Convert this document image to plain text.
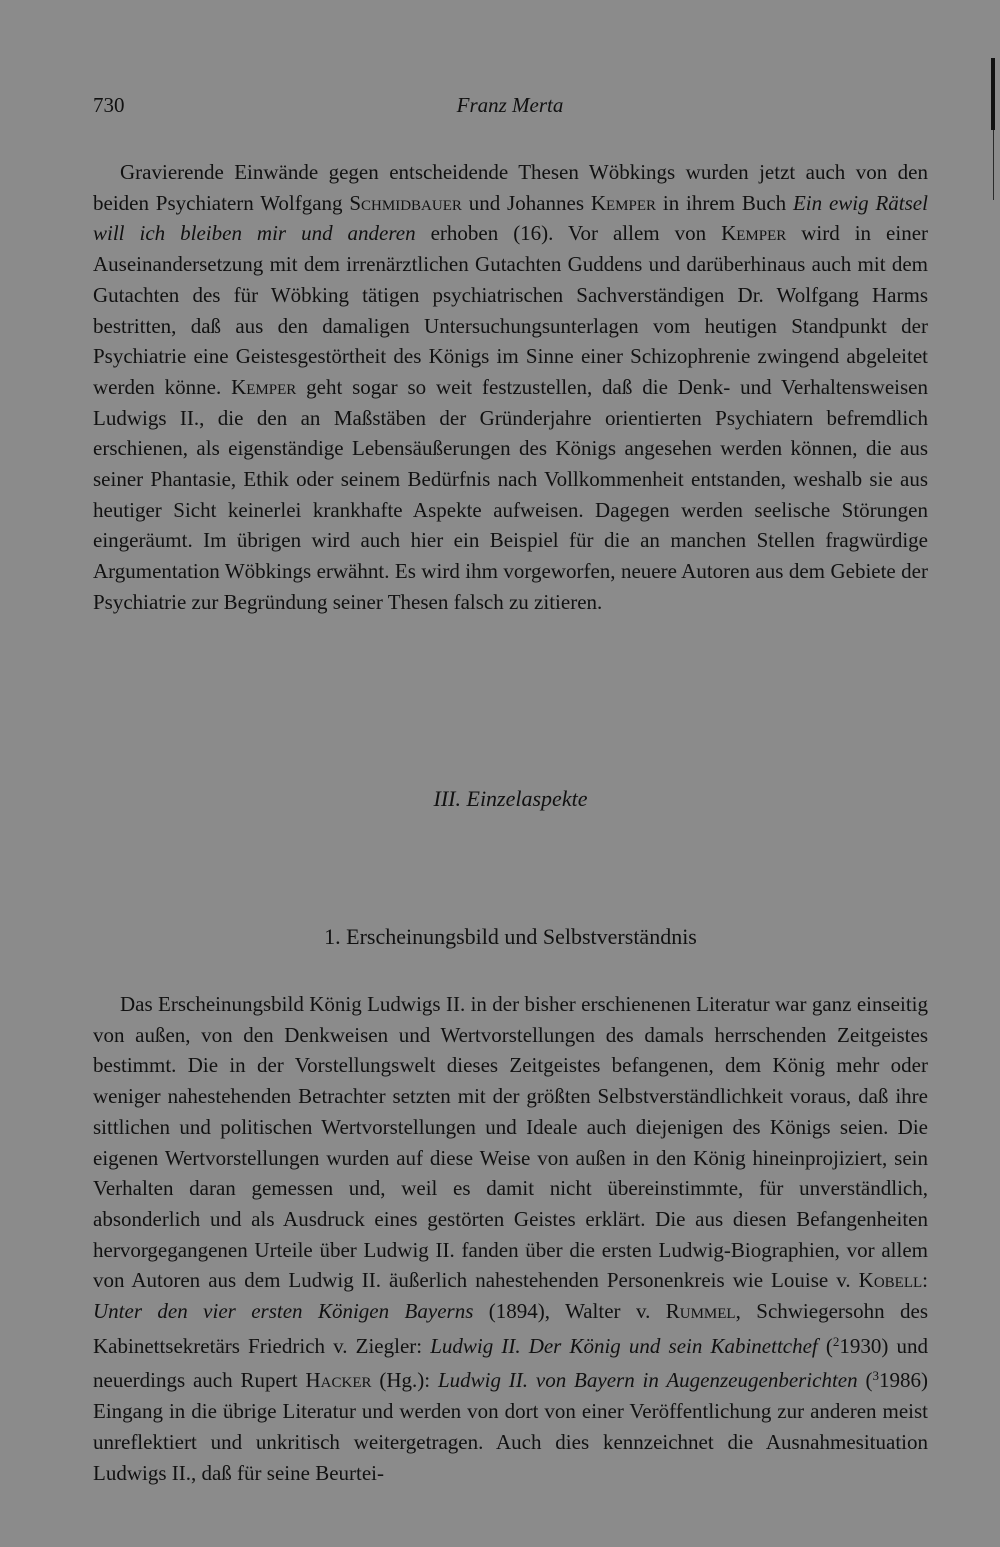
730	Franz Merta

Gravierende Einwände gegen entscheidende Thesen Wöbkings wurden jetzt auch von den beiden Psychiatern Wolfgang Schmidbauer und Johannes Kemper in ihrem Buch Ein ewig Rätsel will ich bleiben mir und anderen erhoben (16). Vor allem von Kemper wird in einer Auseinandersetzung mit dem irrenärztlichen Gutachten Guddens und darüberhinaus auch mit dem Gutachten des für Wöbking tätigen psychiatrischen Sachverständigen Dr. Wolfgang Harms bestritten, daß aus den damaligen Untersuchungsunterlagen vom heutigen Standpunkt der Psychiatrie eine Geistesgestörtheit des Königs im Sinne einer Schizophrenie zwingend abgeleitet werden könne. Kemper geht sogar so weit festzustellen, daß die Denk- und Verhaltensweisen Ludwigs II., die den an Maßstäben der Gründerjahre orientierten Psychiatern befremdlich erschienen, als eigenständige Lebensäußerungen des Königs angesehen werden können, die aus seiner Phantasie, Ethik oder seinem Bedürfnis nach Vollkommenheit entstanden, weshalb sie aus heutiger Sicht keinerlei krankhafte Aspekte aufweisen. Dagegen werden seelische Störungen eingeräumt. Im übrigen wird auch hier ein Beispiel für die an manchen Stellen fragwürdige Argumentation Wöbkings erwähnt. Es wird ihm vorgeworfen, neuere Autoren aus dem Gebiete der Psychiatrie zur Begründung seiner Thesen falsch zu zitieren.

III. Einzelaspekte
1. Erscheinungsbild und Selbstverständnis

Das Erscheinungsbild König Ludwigs II. in der bisher erschienenen Literatur war ganz einseitig von außen, von den Denkweisen und Wertvorstellungen des damals herrschenden Zeitgeistes bestimmt. Die in der Vorstellungswelt dieses Zeitgeistes befangenen, dem König mehr oder weniger nahestehenden Betrachter setzten mit der größten Selbstverständlichkeit voraus, daß ihre sittlichen und politischen Wertvorstellungen und Ideale auch diejenigen des Königs seien. Die eigenen Wertvorstellungen wurden auf diese Weise von außen in den König hineinprojiziert, sein Verhalten daran gemessen und, weil es damit nicht übereinstimmte, für unverständlich, absonderlich und als Ausdruck eines gestörten Geistes erklärt. Die aus diesen Befangenheiten hervorgegangenen Urteile über Ludwig II. fanden über die ersten Ludwig-Biographien, vor allem von Autoren aus dem Ludwig II. äußerlich nahestehenden Personenkreis wie Louise v. Kobell: Unter den vier ersten Königen Bayerns (1894), Walter v. Rummel, Schwiegersohn des Kabinettsekretärs Friedrich v. Ziegler: Ludwig II. Der König und sein Kabinettchef ($^2$1930) und neuerdings auch Rupert Hacker (Hg.): Ludwig II. von Bayern in Augenzeugenberichten ($^3$1986) Eingang in die übrige Literatur und werden von dort von einer Veröffentlichung zur anderen meist unreflektiert und unkritisch weitergetragen. Auch dies kennzeichnet die Ausnahmesituation Ludwigs II., daß für seine Beurtei-
